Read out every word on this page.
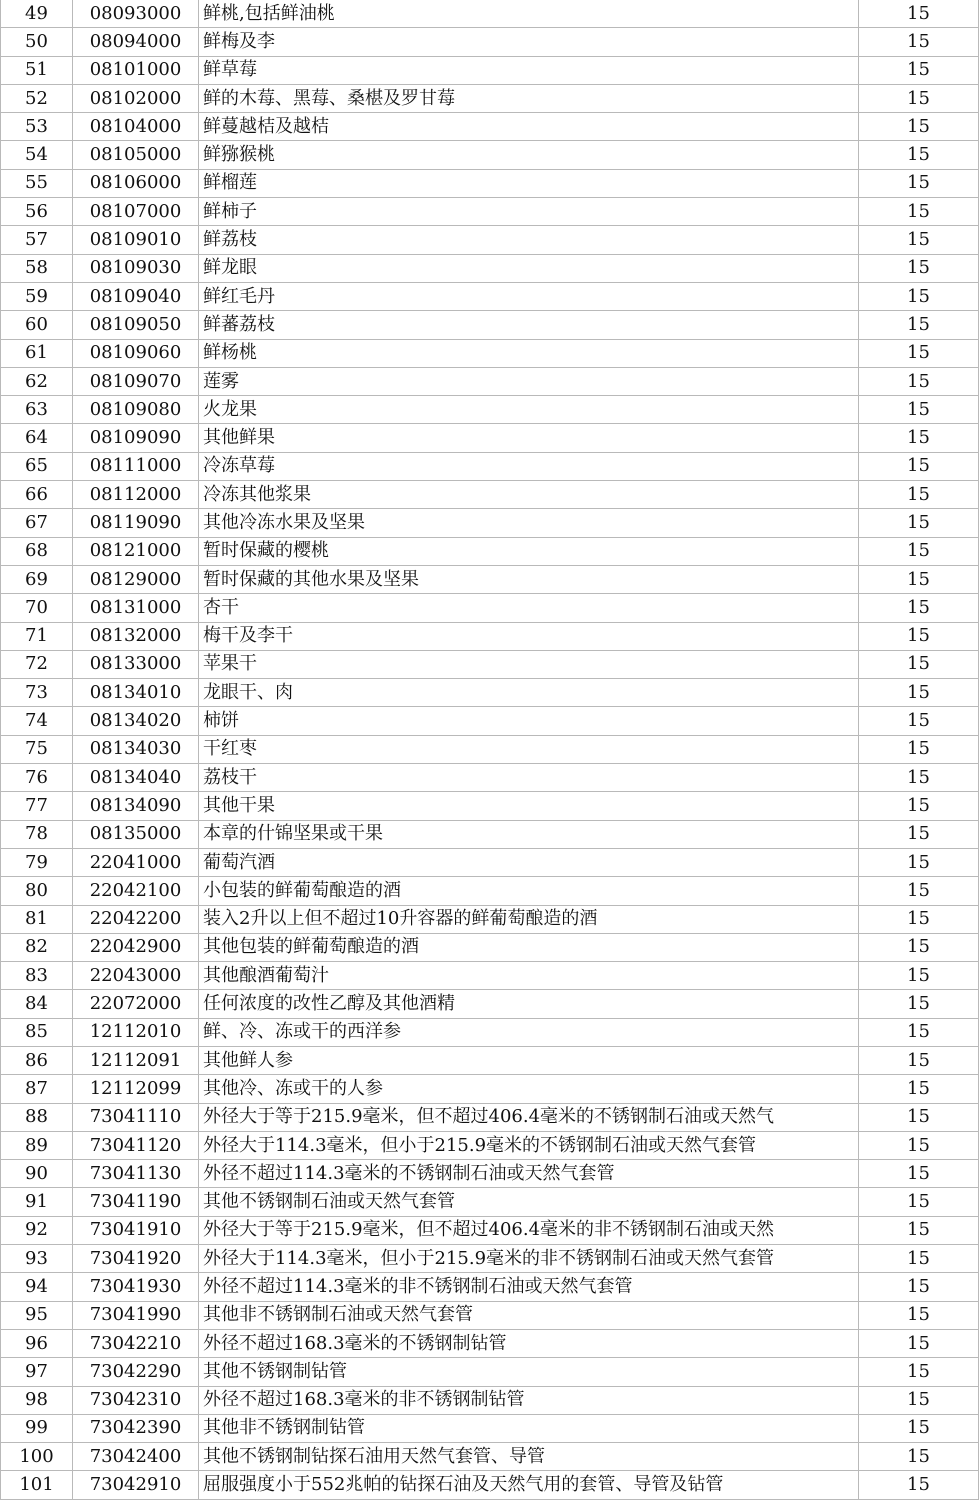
49	08093000	鲜桃,包括鲜油桃	15
50	08094000	鲜梅及李	15
51	08101000	鲜草莓	15
52	08102000	鲜的木莓、黑莓、桑椹及罗甘莓	15
53	08104000	鲜蔓越桔及越桔	15
54	08105000	鲜猕猴桃	15
55	08106000	鲜榴莲	15
56	08107000	鲜柿子	15
57	08109010	鲜荔枝	15
58	08109030	鲜龙眼	15
59	08109040	鲜红毛丹	15
60	08109050	鲜蕃荔枝	15
61	08109060	鲜杨桃	15
62	08109070	莲雾	15
63	08109080	火龙果	15
64	08109090	其他鲜果	15
65	08111000	冷冻草莓	15
66	08112000	冷冻其他浆果	15
67	08119090	其他冷冻水果及坚果	15
68	08121000	暂时保藏的樱桃	15
69	08129000	暂时保藏的其他水果及坚果	15
70	08131000	杏干	15
71	08132000	梅干及李干	15
72	08133000	苹果干	15
73	08134010	龙眼干、肉	15
74	08134020	柿饼	15
75	08134030	干红枣	15
76	08134040	荔枝干	15
77	08134090	其他干果	15
78	08135000	本章的什锦坚果或干果	15
79	22041000	葡萄汽酒	15
80	22042100	小包装的鲜葡萄酿造的酒	15
81	22042200	装入2升以上但不超过10升容器的鲜葡萄酿造的酒	15
82	22042900	其他包装的鲜葡萄酿造的酒	15
83	22043000	其他酿酒葡萄汁	15
84	22072000	任何浓度的改性乙醇及其他酒精	15
85	12112010	鲜、冷、冻或干的西洋参	15
86	12112091	其他鲜人参	15
87	12112099	其他冷、冻或干的人参	15
88	73041110	外径大于等于215.9毫米，但不超过406.4毫米的不锈钢制石油或天然气	15
89	73041120	外径大于114.3毫米，但小于215.9毫米的不锈钢制石油或天然气套管	15
90	73041130	外径不超过114.3毫米的不锈钢制石油或天然气套管	15
91	73041190	其他不锈钢制石油或天然气套管	15
92	73041910	外径大于等于215.9毫米，但不超过406.4毫米的非不锈钢制石油或天然	15
93	73041920	外径大于114.3毫米，但小于215.9毫米的非不锈钢制石油或天然气套管	15
94	73041930	外径不超过114.3毫米的非不锈钢制石油或天然气套管	15
95	73041990	其他非不锈钢制石油或天然气套管	15
96	73042210	外径不超过168.3毫米的不锈钢制钻管	15
97	73042290	其他不锈钢制钻管	15
98	73042310	外径不超过168.3毫米的非不锈钢制钻管	15
99	73042390	其他非不锈钢制钻管	15
100	73042400	其他不锈钢制钻探石油用天然气套管、导管	15
101	73042910	屈服强度小于552兆帕的钻探石油及天然气用的套管、导管及钻管	15
